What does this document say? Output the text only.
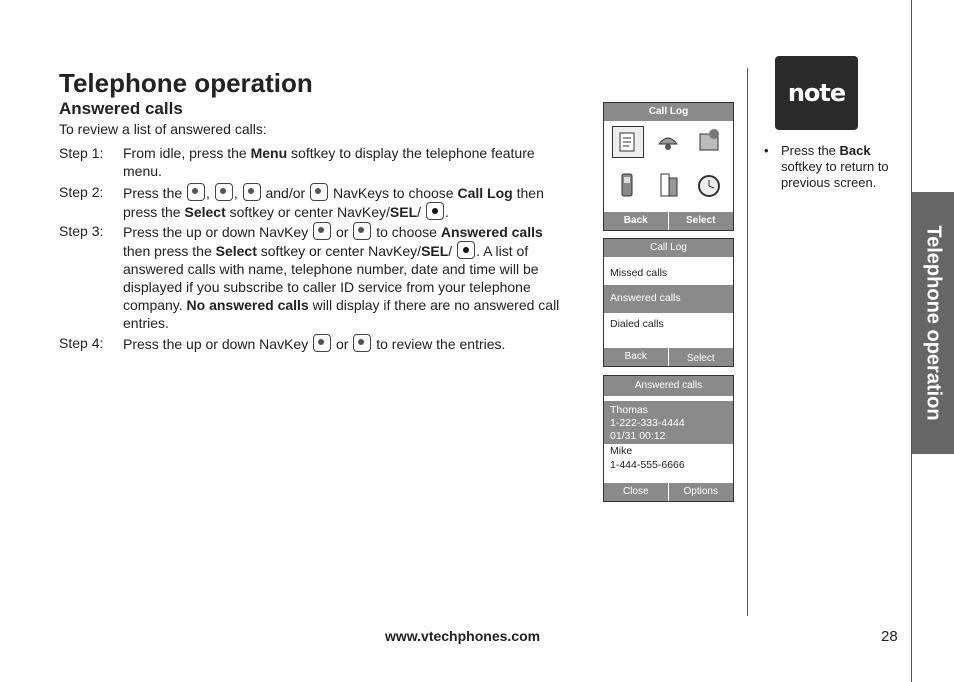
Telephone operation
Answered calls
To review a list of answered calls:
Step 1:	From idle, press the Menu softkey to display the telephone feature menu.
Step 2:	Press the , ,  and/or  NavKeys to choose Call Log then press the Select softkey or center NavKey/SEL/ .
Step 3:	Press the up or down NavKey  or  to choose Answered calls then press the Select softkey or center NavKey/SEL/ . A list of answered calls with name, telephone number, date and time will be displayed if you subscribe to caller ID service from your telephone company. No answered calls will display if there are no answered call entries.
Step 4:	Press the up or down NavKey  or  to review the entries.
Call Log
Back	Select
Call Log
Missed calls
Answered calls
Dialed calls
Back	Select
Answered calls
Thomas
1-222-333-4444
01/31 00:12
Mike
1-444-555-6666
Close	Options
note
• Press the Back softkey to return to previous screen.
Telephone operation
www.vtechphones.com	28
